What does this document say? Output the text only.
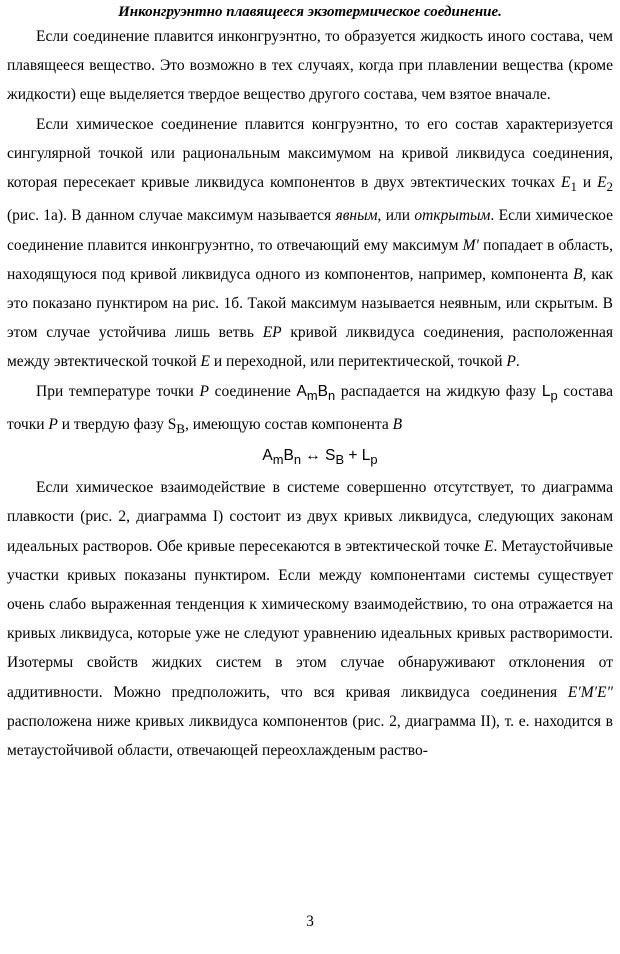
Инконгруэнтно плавящееся экзотермическое соединение.

Если соединение плавится инконгруэнтно, то образуется жидкость иного состава, чем плавящееся вещество. Это возможно в тех случаях, когда при плавлении вещества (кроме жидкости) еще выделяется твердое вещество другого состава, чем взятое вначале.

Если химическое соединение плавится конгруэнтно, то его состав характеризуется сингулярной точкой или рациональным максимумом на кривой ликвидуса соединения, которая пересекает кривые ликвидуса компонентов в двух эвтектических точках $E_1$ и $E_2$ (рис. 1а). В данном случае максимум называется явным, или открытым. Если химическое соединение плавится инконгруэнтно, то отвечающий ему максимум M′ попадает в область, находящуюся под кривой ликвидуса одного из компонентов, например, компонента B, как это показано пунктиром на рис. 1б. Такой максимум называется неявным, или скрытым. В этом случае устойчива лишь ветвь EP кривой ликвидуса соединения, расположенная между эвтектической точкой E и переходной, или перитектической, точкой P.

При температуре точки P соединение $A_mB_n$ распадается на жидкую фазу $L_p$ состава точки P и твердую фазу $S_B$, имеющую состав компонента B

$A_mB_n$ ↔ $S_B + L_p$

Если химическое взаимодействие в системе совершенно отсутствует, то диаграмма плавкости (рис. 2, диаграмма I) состоит из двух кривых ликвидуса, следующих законам идеальных растворов. Обе кривые пересекаются в эвтектической точке E. Метаустойчивые участки кривых показаны пунктиром. Если между компонентами системы существует очень слабо выраженная тенденция к химическому взаимодействию, то она отражается на кривых ликвидуса, которые уже не следуют уравнению идеальных кривых растворимости. Изотермы свойств жидких систем в этом случае обнаруживают отклонения от аддитивности. Можно предположить, что вся кривая ликвидуса соединения E′M′E″ расположена ниже кривых ликвидуса компонентов (рис. 2, диаграмма II), т. е. находится в метаустойчивой области, отвечающей переохлажденым раство-

3
